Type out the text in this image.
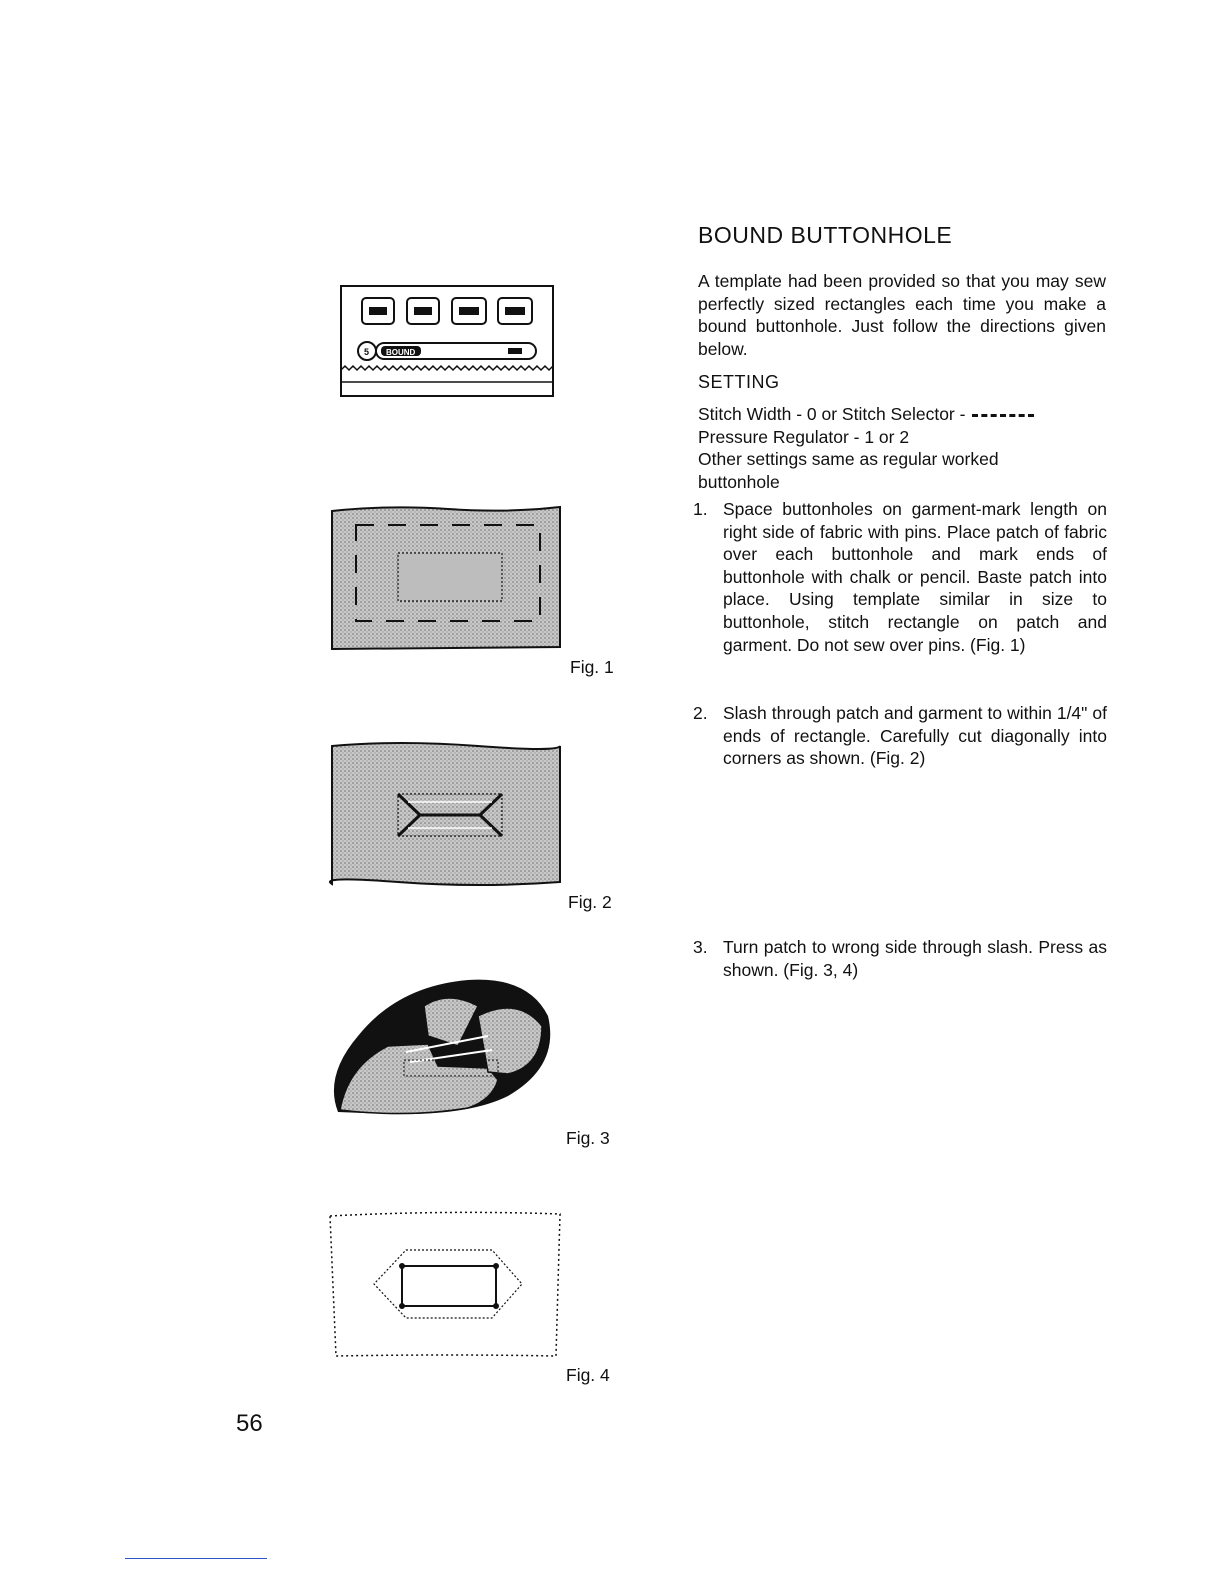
BOUND
5
Fig. 1
Fig. 2
Fig. 3
Fig. 4
BOUND BUTTONHOLE
A template had been provided so that you may sew perfectly sized rectangles each time you make a bound buttonhole. Just follow the directions given below.
SETTING
Stitch Width - 0 or Stitch Selector -
Pressure Regulator - 1 or 2
Other settings same as regular worked buttonhole
1. Space buttonholes on garment-mark length on right side of fabric with pins. Place patch of fabric over each buttonhole and mark ends of buttonhole with chalk or pencil. Baste patch into place. Using template similar in size to buttonhole, stitch rectangle on patch and garment. Do not sew over pins. (Fig. 1)
2. Slash through patch and garment to within 1/4" of ends of rectangle. Carefully cut diagonally into corners as shown. (Fig. 2)
3. Turn patch to wrong side through slash. Press as shown. (Fig. 3, 4)
56
